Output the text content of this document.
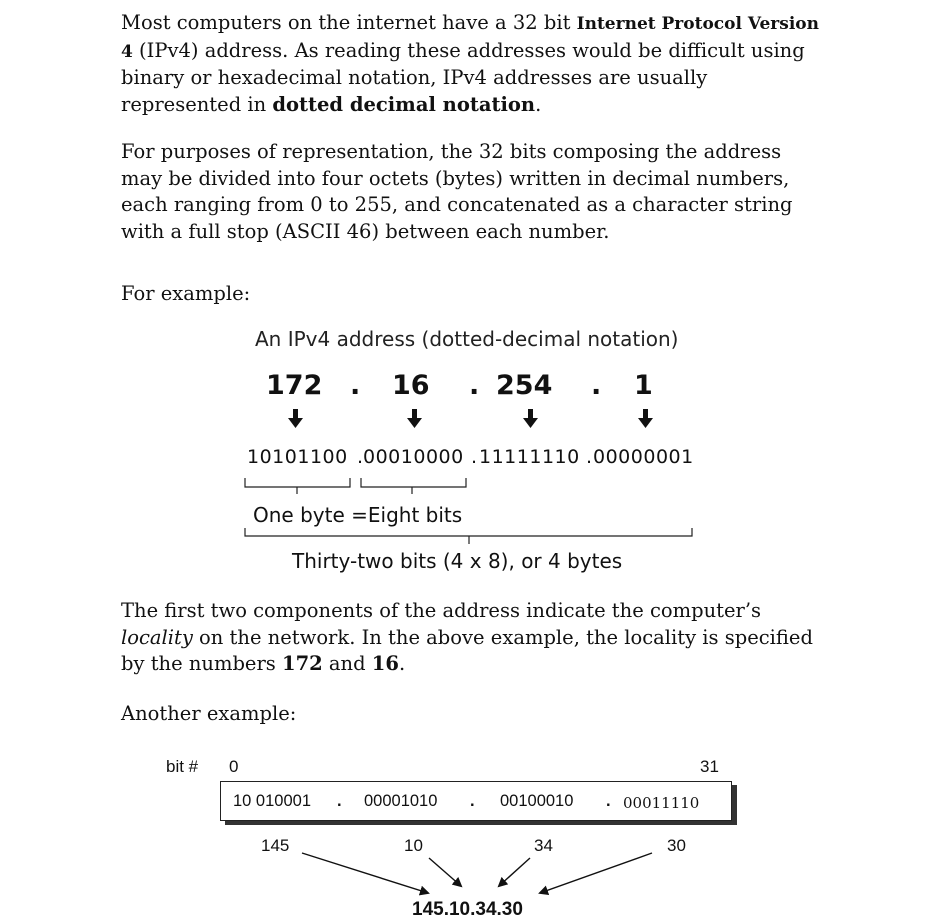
Most computers on the internet have a 32 bit Internet Protocol Version 4 (IPv4) address. As reading these addresses would be difficult using binary or hexadecimal notation, IPv4 addresses are usually represented in dotted decimal notation.

For purposes of representation, the 32 bits composing the address may be divided into four octets (bytes) written in decimal numbers, each ranging from 0 to 255, and concatenated as a character string with a full stop (ASCII 46) between each number.

For example:

An IPv4 address (dotted-decimal notation)
172 . 16 . 254 . 1
10101100 . 00010000 . 11111110 . 00000001
One byte =Eight bits
Thirty-two bits (4 x 8), or 4 bytes

The first two components of the address indicate the computer’s locality on the network. In the above example, the locality is specified by the numbers 172 and 16.

Another example:

bit # 0	31
10 010001 . 00001010 . 00100010 . 00011110
145	10	34	30
145.10.34.30
